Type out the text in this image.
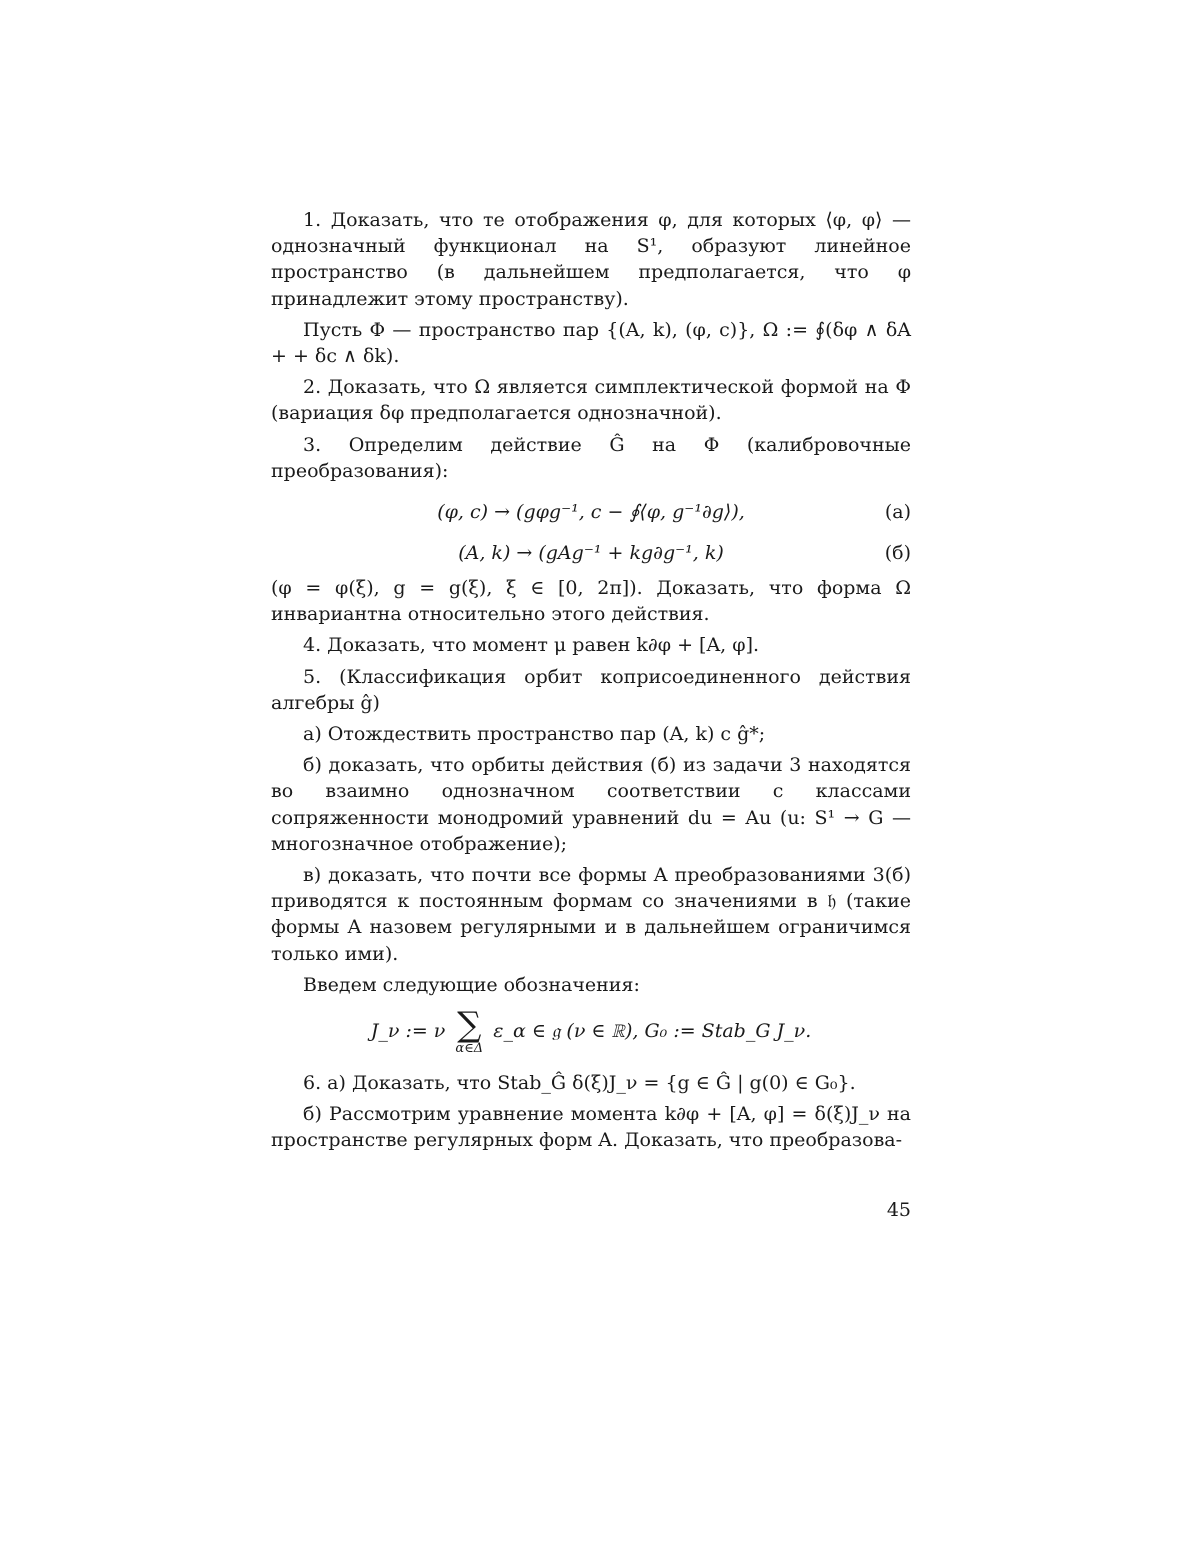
1. Доказать, что те отображения φ, для которых ⟨φ, φ⟩ — однозначный функционал на S¹, образуют линейное пространство (в дальнейшем предполагается, что φ принадлежит этому пространству).

Пусть Φ — пространство пар {(A, k), (φ, c)}, Ω := ∮(δφ ∧ δA + + δc ∧ δk).

2. Доказать, что Ω является симплектической формой на Φ (вариация δφ предполагается однозначной).

3. Определим действие Ĝ на Φ (калибровочные преобразования):

(φ, c) → (gφg⁻¹, c − ∮⟨φ, g⁻¹∂g⟩),	(а)
(A, k) → (gAg⁻¹ + kg∂g⁻¹, k)	(б)

(φ = φ(ξ), g = g(ξ), ξ ∈ [0, 2π]). Доказать, что форма Ω инвариантна относительно этого действия.

4. Доказать, что момент μ равен k∂φ + [A, φ].

5. (Классификация орбит коприсоединенного действия алгебры ĝ)

а) Отождествить пространство пар (A, k) с ĝ*;

б) доказать, что орбиты действия (б) из задачи 3 находятся во взаимно однозначном соответствии с классами сопряженности монодромий уравнений du = Au (u: S¹ → G — многозначное отображение);

в) доказать, что почти все формы A преобразованиями 3(б) приводятся к постоянным формам со значениями в 𝔥 (такие формы A назовем регулярными и в дальнейшем ограничимся только ими).

Введем следующие обозначения:

J_ν := ν ∑
α∈Δ
ε_α ∈ 𝔤 (ν ∈ ℝ), G₀ := Stab_G J_ν.

6. а) Доказать, что Stab_Ĝ δ(ξ)J_ν = {g ∈ Ĝ | g(0) ∈ G₀}.

б) Рассмотрим уравнение момента k∂φ + [A, φ] = δ(ξ)J_ν на пространстве регулярных форм A. Доказать, что преобразова-

45
